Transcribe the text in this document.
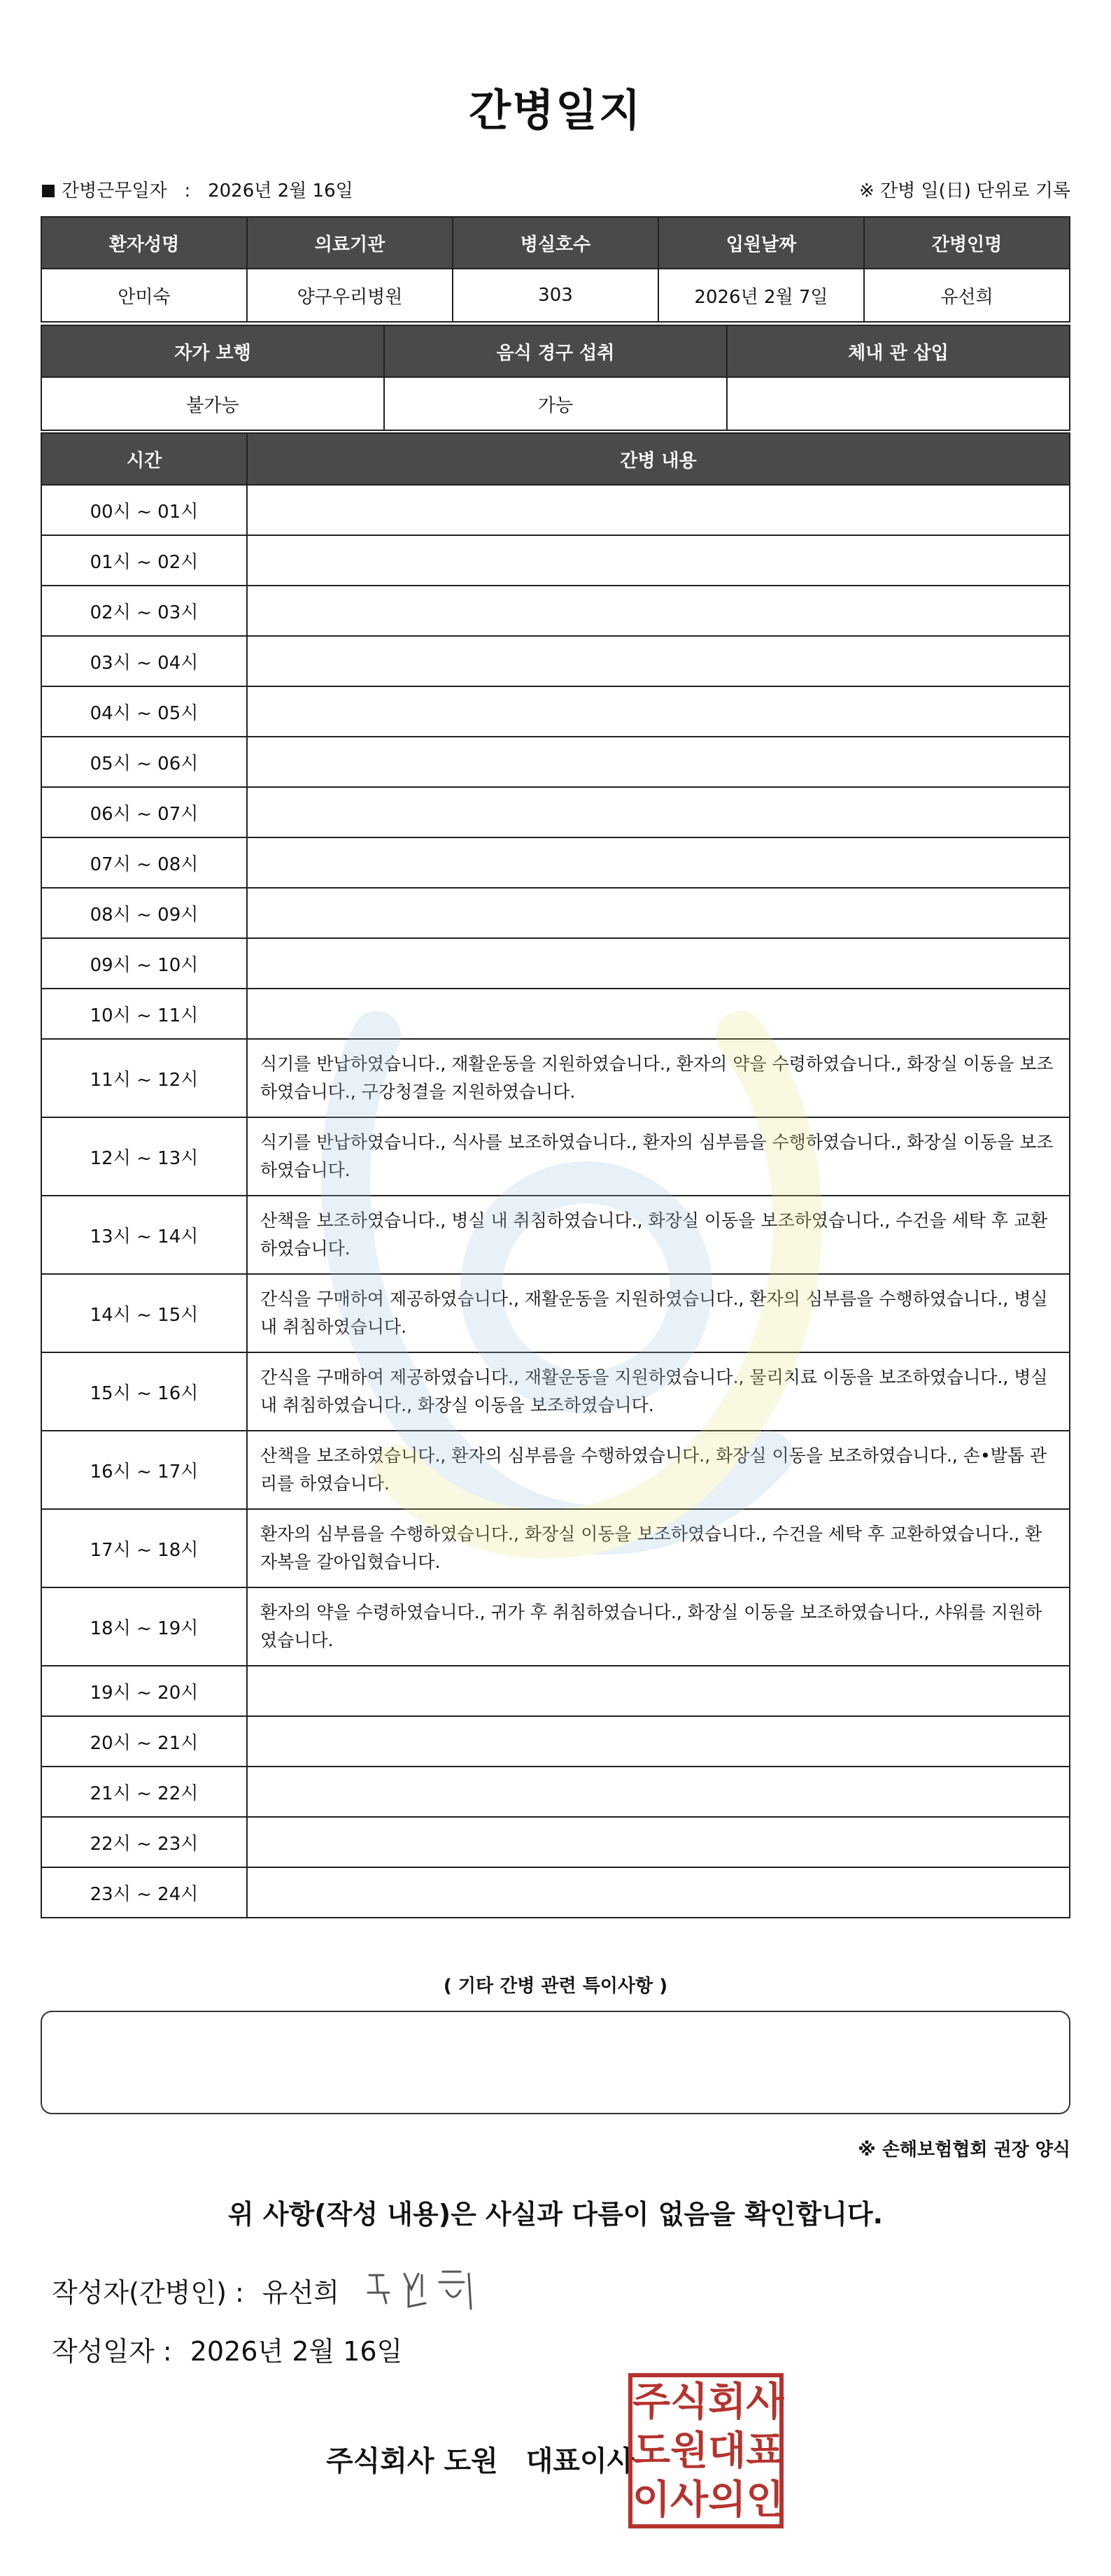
간병일지
간병근무일자 : 2026년 2월 16일	※ 간병 일(日) 단위로 기록
환자성명	의료기관	병실호수	입원날짜	간병인명
안미숙	양구우리병원	303	2026년 2월 7일	유선희
자가 보행	음식 경구 섭취	체내 관 삽입
불가능	가능	
시간	간병 내용
00시 ~ 01시	
01시 ~ 02시	
02시 ~ 03시	
03시 ~ 04시	
04시 ~ 05시	
05시 ~ 06시	
06시 ~ 07시	
07시 ~ 08시	
08시 ~ 09시	
09시 ~ 10시	
10시 ~ 11시	
11시 ~ 12시	식기를 반납하였습니다., 재활운동을 지원하였습니다., 환자의 약을 수령하였습니다., 화장실 이동을 보조하였습니다., 구강청결을 지원하였습니다.
12시 ~ 13시	식기를 반납하였습니다., 식사를 보조하였습니다., 환자의 심부름을 수행하였습니다., 화장실 이동을 보조하였습니다.
13시 ~ 14시	산책을 보조하였습니다., 병실 내 취침하였습니다., 화장실 이동을 보조하였습니다., 수건을 세탁 후 교환하였습니다.
14시 ~ 15시	간식을 구매하여 제공하였습니다., 재활운동을 지원하였습니다., 환자의 심부름을 수행하였습니다., 병실 내 취침하였습니다.
15시 ~ 16시	간식을 구매하여 제공하였습니다., 재활운동을 지원하였습니다., 물리치료 이동을 보조하였습니다., 병실 내 취침하였습니다., 화장실 이동을 보조하였습니다.
16시 ~ 17시	산책을 보조하였습니다., 환자의 심부름을 수행하였습니다., 화장실 이동을 보조하였습니다., 손•발톱 관리를 하였습니다.
17시 ~ 18시	환자의 심부름을 수행하였습니다., 화장실 이동을 보조하였습니다., 수건을 세탁 후 교환하였습니다., 환자복을 갈아입혔습니다.
18시 ~ 19시	환자의 약을 수령하였습니다., 귀가 후 취침하였습니다., 화장실 이동을 보조하였습니다., 샤워를 지원하였습니다.
19시 ~ 20시	
20시 ~ 21시	
21시 ~ 22시	
22시 ~ 23시	
23시 ~ 24시	
( 기타 간병 관련 특이사항 )
※ 손해보험협회 권장 양식
위 사항(작성 내용)은 사실과 다름이 없음을 확인합니다.
작성자(간병인) : 유선희
작성일자 : 2026년 2월 16일
주식회사 도원 대표이사
주 식 회 사
도 원 대 표
이 사 의 인
